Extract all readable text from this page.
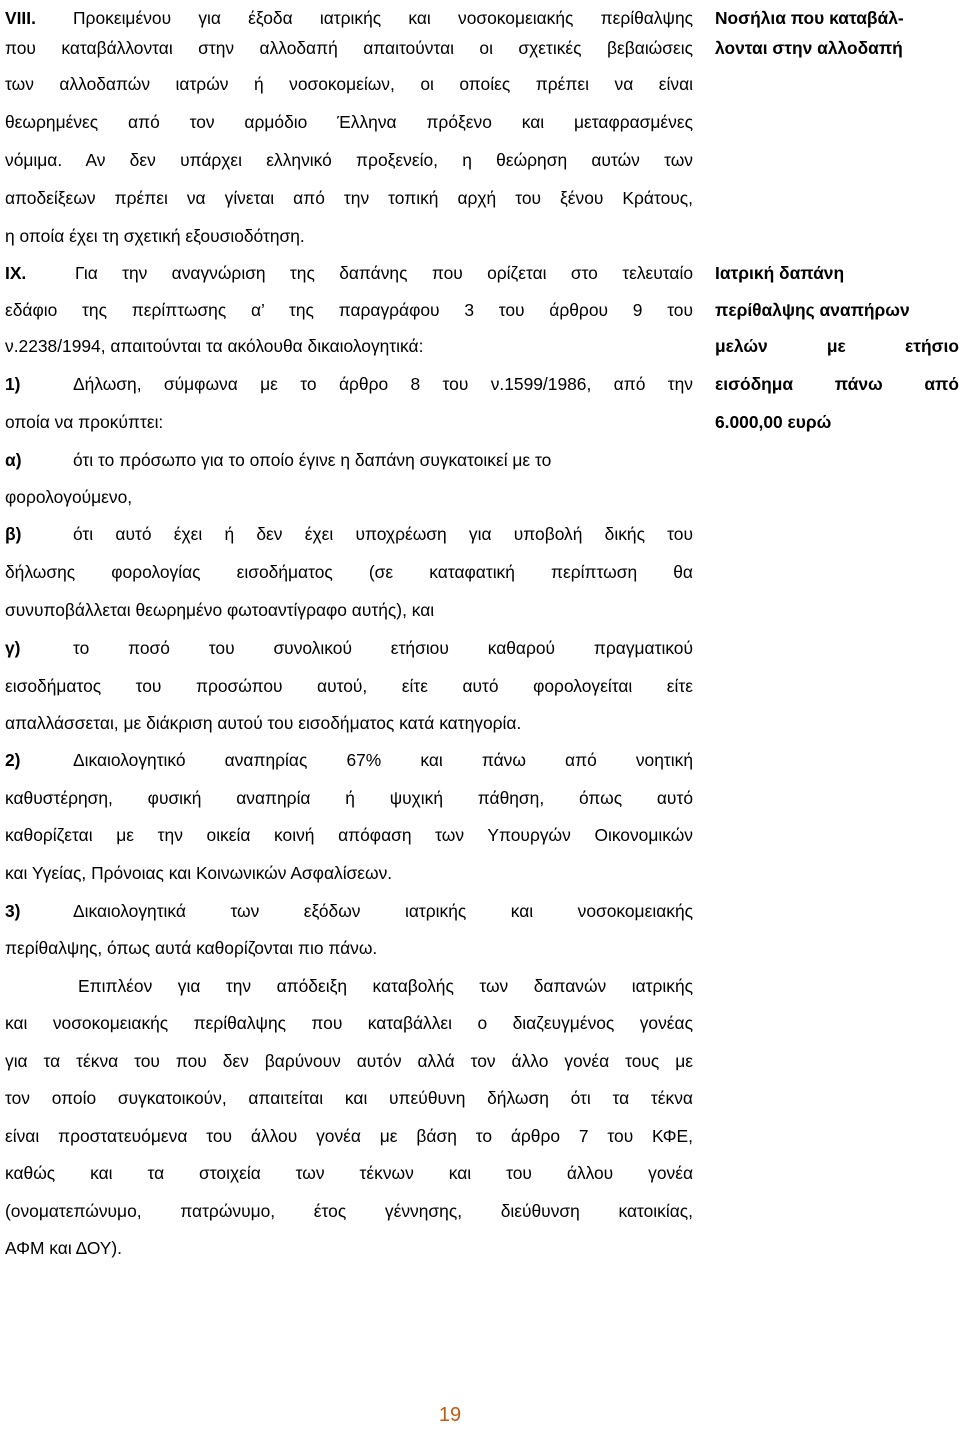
VIII. Προκειμένου για έξοδα ιατρικής και νοσοκομειακής περίθαλψης
που καταβάλλονται στην αλλοδαπή απαιτούνται οι σχετικές βεβαιώσεις
των αλλοδαπών ιατρών ή νοσοκομείων, οι οποίες πρέπει να είναι
θεωρημένες από τον αρμόδιο Έλληνα πρόξενο και μεταφρασμένες
νόμιμα. Αν δεν υπάρχει ελληνικό προξενείο, η θεώρηση αυτών των
αποδείξεων πρέπει να γίνεται από την τοπική αρχή του ξένου Κράτους,
η οποία έχει τη σχετική εξουσιοδότηση.
IX.	Για την αναγνώριση της δαπάνης που ορίζεται στο τελευταίο
εδάφιο της περίπτωσης α’ της παραγράφου 3 του άρθρου 9 του
ν.2238/1994, απαιτούνται τα ακόλουθα δικαιολογητικά:
1)	Δήλωση, σύμφωνα με το άρθρο 8 του ν.1599/1986, από την
οποία να προκύπτει:
α)	ότι το πρόσωπο για το οποίο έγινε η δαπάνη συγκατοικεί με το
φορολογούμενο,
β)	ότι αυτό έχει ή δεν έχει υποχρέωση για υποβολή δικής του
δήλωσης φορολογίας εισοδήματος (σε καταφατική περίπτωση θα
συνυποβάλλεται θεωρημένο φωτοαντίγραφο αυτής), και
γ)	το ποσό του συνολικού ετήσιου καθαρού πραγματικού
εισοδήματος του προσώπου αυτού, είτε αυτό φορολογείται είτε
απαλλάσσεται, με διάκριση αυτού του εισοδήματος κατά κατηγορία.
2)	Δικαιολογητικό αναπηρίας 67% και πάνω από νοητική
καθυστέρηση, φυσική αναπηρία ή ψυχική πάθηση, όπως αυτό
καθορίζεται με την οικεία κοινή απόφαση των Υπουργών Οικονομικών
και Υγείας, Πρόνοιας και Κοινωνικών Ασφαλίσεων.
3)	Δικαιολογητικά των εξόδων ιατρικής και νοσοκομειακής
περίθαλψης, όπως αυτά καθορίζονται πιο πάνω.
Επιπλέον για την απόδειξη καταβολής των δαπανών ιατρικής
και νοσοκομειακής περίθαλψης που καταβάλλει ο διαζευγμένος γονέας
για τα τέκνα του που δεν βαρύνουν αυτόν αλλά τον άλλο γονέα τους με
τον οποίο συγκατοικούν, απαιτείται και υπεύθυνη δήλωση ότι τα τέκνα
είναι προστατευόμενα του άλλου γονέα με βάση το άρθρο 7 του ΚΦΕ,
καθώς και τα στοιχεία των τέκνων και του άλλου γονέα
(ονοματεπώνυμο, πατρώνυμο, έτος γέννησης, διεύθυνση κατοικίας,
ΑΦΜ και ΔΟΥ).
Νοσήλια που καταβάλ-
λονται στην αλλοδαπή
Ιατρική δαπάνη
περίθαλψης αναπήρων
μελών με ετήσιο
εισόδημα πάνω από
6.000,00 ευρώ
19
